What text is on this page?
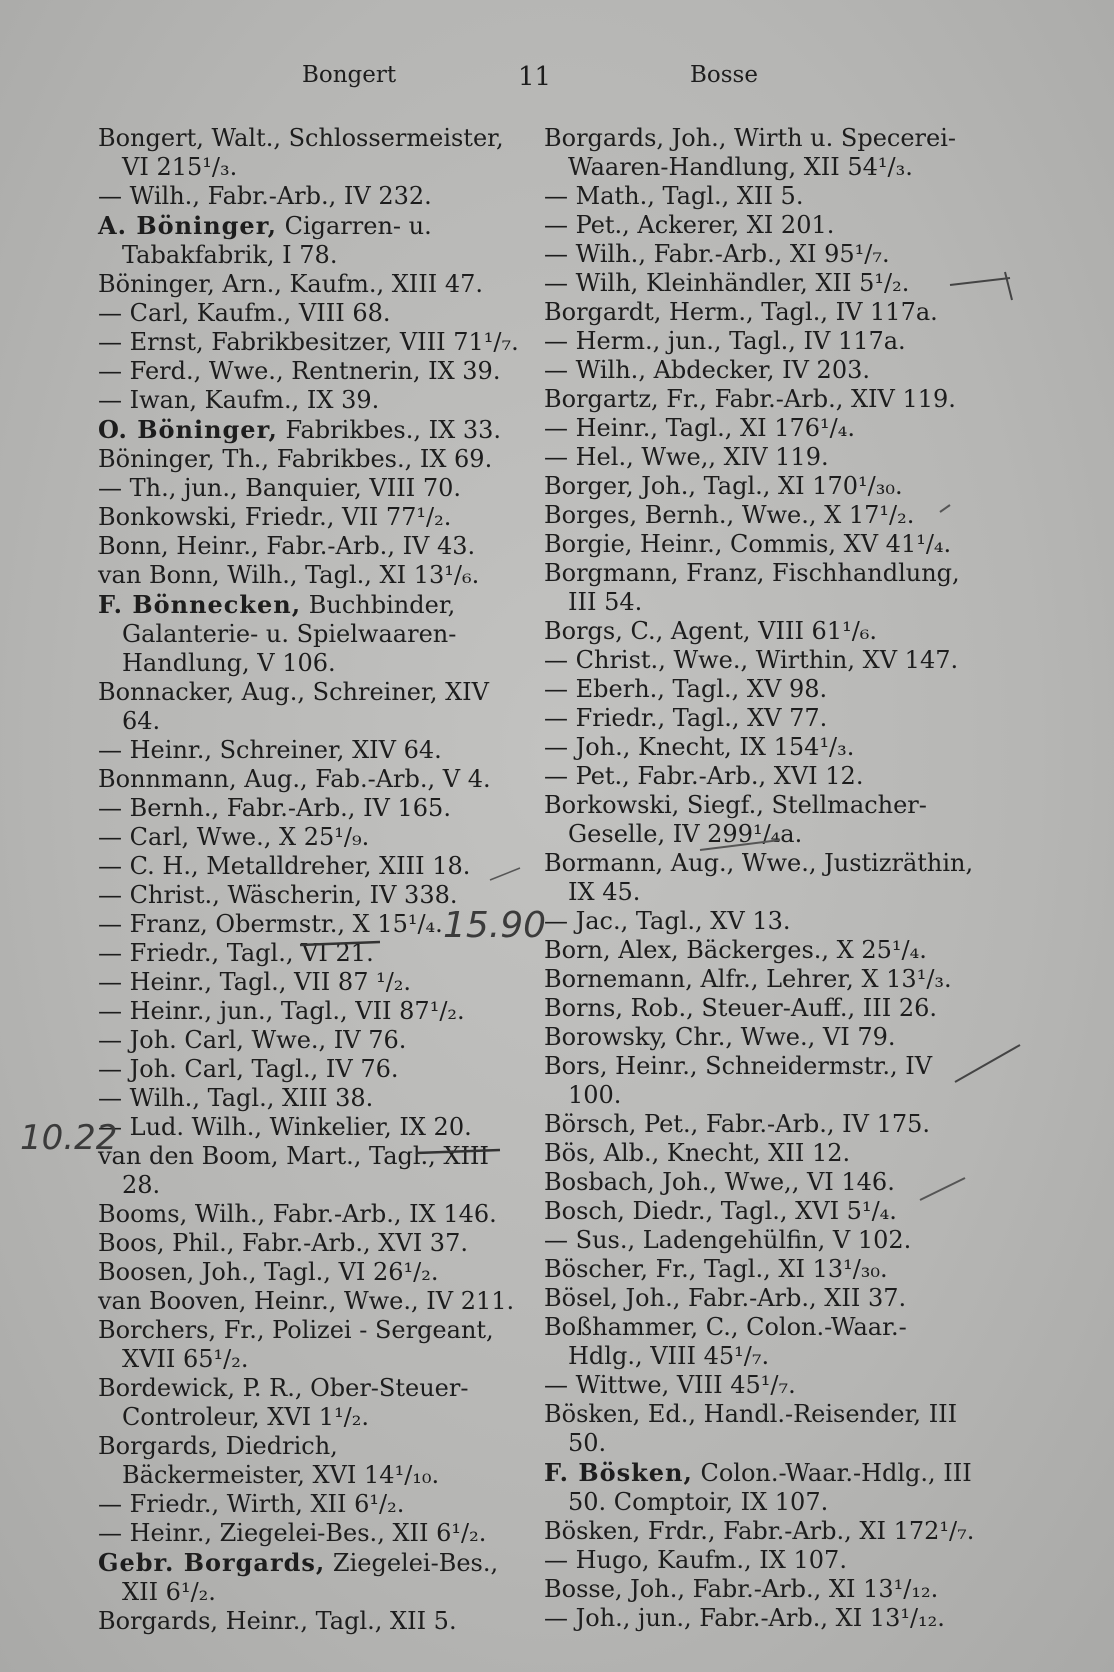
Bongert	11	Bosse

Bongert, Walt., Schlossermeister, VI 215¹/₃.

— Wilh., Fabr.-Arb., IV 232.

A. Böninger, Cigarren- u. Tabakfabrik, I 78.

Böninger, Arn., Kaufm., XIII 47.

— Carl, Kaufm., VIII 68.

— Ernst, Fabrikbesitzer, VIII 71¹/₇.

— Ferd., Wwe., Rentnerin, IX 39.

— Iwan, Kaufm., IX 39.

O. Böninger, Fabrikbes., IX 33.

Böninger, Th., Fabrikbes., IX 69.

— Th., jun., Banquier, VIII 70.

Bonkowski, Friedr., VII 77¹/₂.

Bonn, Heinr., Fabr.-Arb., IV 43.

van Bonn, Wilh., Tagl., XI 13¹/₆.

F. Bönnecken, Buchbinder, Galanterie- u. Spielwaaren-Handlung, V 106.

Bonnacker, Aug., Schreiner, XIV 64.

— Heinr., Schreiner, XIV 64.

Bonnmann, Aug., Fab.-Arb., V 4.

— Bernh., Fabr.-Arb., IV 165.

— Carl, Wwe., X 25¹/₉.

— C. H., Metalldreher, XIII 18.

— Christ., Wäscherin, IV 338.

— Franz, Obermstr., X 15¹/₄.

— Friedr., Tagl., VI 21.

— Heinr., Tagl., VII 87 ¹/₂.

— Heinr., jun., Tagl., VII 87¹/₂.

— Joh. Carl, Wwe., IV 76.

— Joh. Carl, Tagl., IV 76.

— Wilh., Tagl., XIII 38.

— Lud. Wilh., Winkelier, IX 20.

van den Boom, Mart., Tagl., XIII 28.

Booms, Wilh., Fabr.-Arb., IX 146.

Boos, Phil., Fabr.-Arb., XVI 37.

Boosen, Joh., Tagl., VI 26¹/₂.

van Booven, Heinr., Wwe., IV 211.

Borchers, Fr., Polizei - Sergeant, XVII 65¹/₂.

Bordewick, P. R., Ober-Steuer-Controleur, XVI 1¹/₂.

Borgards, Diedrich, Bäckermeister, XVI 14¹/₁₀.

— Friedr., Wirth, XII 6¹/₂.

— Heinr., Ziegelei-Bes., XII 6¹/₂.

Gebr. Borgards, Ziegelei-Bes., XII 6¹/₂.

Borgards, Heinr., Tagl., XII 5.

Borgards, Joh., Wirth u. Specerei-Waaren-Handlung, XII 54¹/₃.

— Math., Tagl., XII 5.

— Pet., Ackerer, XI 201.

— Wilh., Fabr.-Arb., XI 95¹/₇.

— Wilh, Kleinhändler, XII 5¹/₂.

Borgardt, Herm., Tagl., IV 117a.

— Herm., jun., Tagl., IV 117a.

— Wilh., Abdecker, IV 203.

Borgartz, Fr., Fabr.-Arb., XIV 119.

— Heinr., Tagl., XI 176¹/₄.

— Hel., Wwe,, XIV 119.

Borger, Joh., Tagl., XI 170¹/₃₀.

Borges, Bernh., Wwe., X 17¹/₂.

Borgie, Heinr., Commis, XV 41¹/₄.

Borgmann, Franz, Fischhandlung, III 54.

Borgs, C., Agent, VIII 61¹/₆.

— Christ., Wwe., Wirthin, XV 147.

— Eberh., Tagl., XV 98.

— Friedr., Tagl., XV 77.

— Joh., Knecht, IX 154¹/₃.

— Pet., Fabr.-Arb., XVI 12.

Borkowski, Siegf., Stellmacher-Geselle, IV 299¹/₄a.

Bormann, Aug., Wwe., Justizräthin, IX 45.

— Jac., Tagl., XV 13.

Born, Alex, Bäckerges., X 25¹/₄.

Bornemann, Alfr., Lehrer, X 13¹/₃.

Borns, Rob., Steuer-Auff., III 26.

Borowsky, Chr., Wwe., VI 79.

Bors, Heinr., Schneidermstr., IV 100.

Börsch, Pet., Fabr.-Arb., IV 175.

Bös, Alb., Knecht, XII 12.

Bosbach, Joh., Wwe,, VI 146.

Bosch, Diedr., Tagl., XVI 5¹/₄.

— Sus., Ladengehülfin, V 102.

Böscher, Fr., Tagl., XI 13¹/₃₀.

Bösel, Joh., Fabr.-Arb., XII 37.

Boßhammer, C., Colon.-Waar.-Hdlg., VIII 45¹/₇.

— Wittwe, VIII 45¹/₇.

Bösken, Ed., Handl.-Reisender, III 50.

F. Bösken, Colon.-Waar.-Hdlg., III 50. Comptoir, IX 107.

Bösken, Frdr., Fabr.-Arb., XI 172¹/₇.

— Hugo, Kaufm., IX 107.

Bosse, Joh., Fabr.-Arb., XI 13¹/₁₂.

— Joh., jun., Fabr.-Arb., XI 13¹/₁₂.

10.22
15.90
